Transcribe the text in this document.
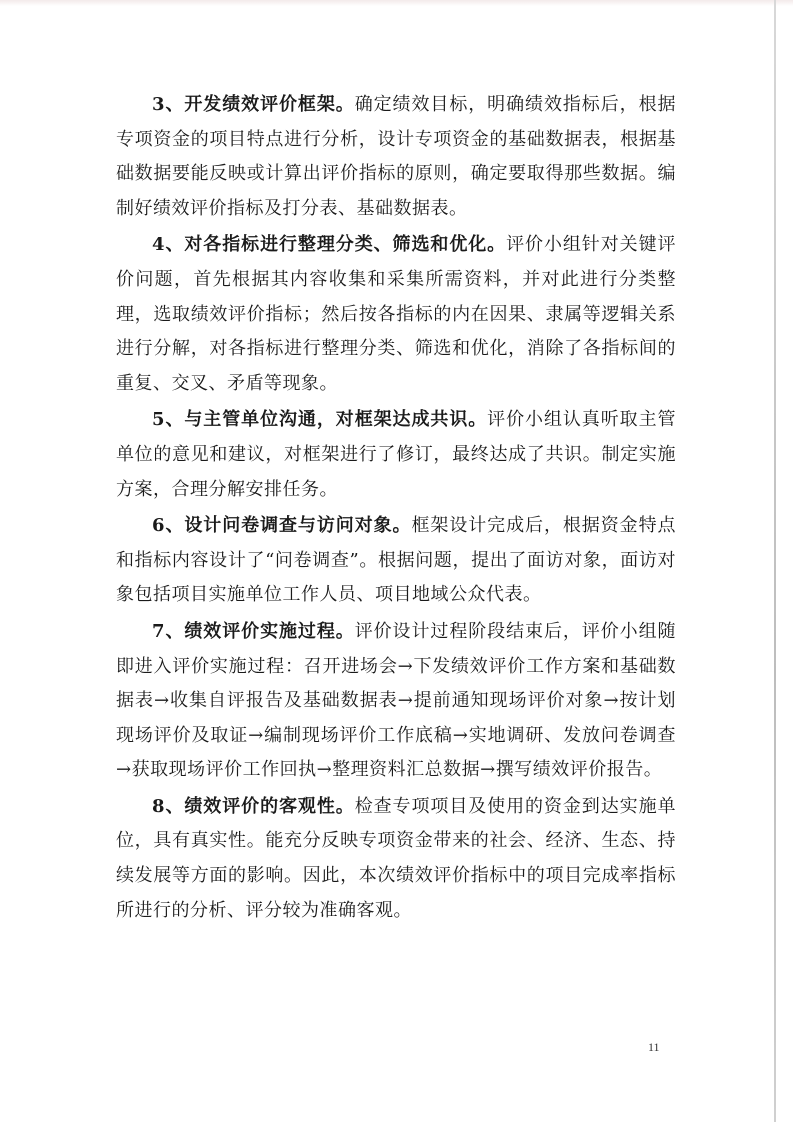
3、开发绩效评价框架。确定绩效目标，明确绩效指标后，根据专项资金的项目特点进行分析，设计专项资金的基础数据表，根据基础数据要能反映或计算出评价指标的原则，确定要取得那些数据。编制好绩效评价指标及打分表、基础数据表。

4、对各指标进行整理分类、筛选和优化。评价小组针对关键评价问题，首先根据其内容收集和采集所需资料，并对此进行分类整理，选取绩效评价指标；然后按各指标的内在因果、隶属等逻辑关系进行分解，对各指标进行整理分类、筛选和优化，消除了各指标间的重复、交叉、矛盾等现象。

5、与主管单位沟通，对框架达成共识。评价小组认真听取主管单位的意见和建议，对框架进行了修订，最终达成了共识。制定实施方案，合理分解安排任务。

6、设计问卷调查与访问对象。框架设计完成后，根据资金特点和指标内容设计了“问卷调查”。根据问题，提出了面访对象，面访对象包括项目实施单位工作人员、项目地域公众代表。

7、绩效评价实施过程。评价设计过程阶段结束后，评价小组随即进入评价实施过程：召开进场会→下发绩效评价工作方案和基础数据表→收集自评报告及基础数据表→提前通知现场评价对象→按计划现场评价及取证→编制现场评价工作底稿→实地调研、发放问卷调查→获取现场评价工作回执→整理资料汇总数据→撰写绩效评价报告。

8、绩效评价的客观性。检查专项项目及使用的资金到达实施单位，具有真实性。能充分反映专项资金带来的社会、经济、生态、持续发展等方面的影响。因此，本次绩效评价指标中的项目完成率指标所进行的分析、评分较为准确客观。

11
